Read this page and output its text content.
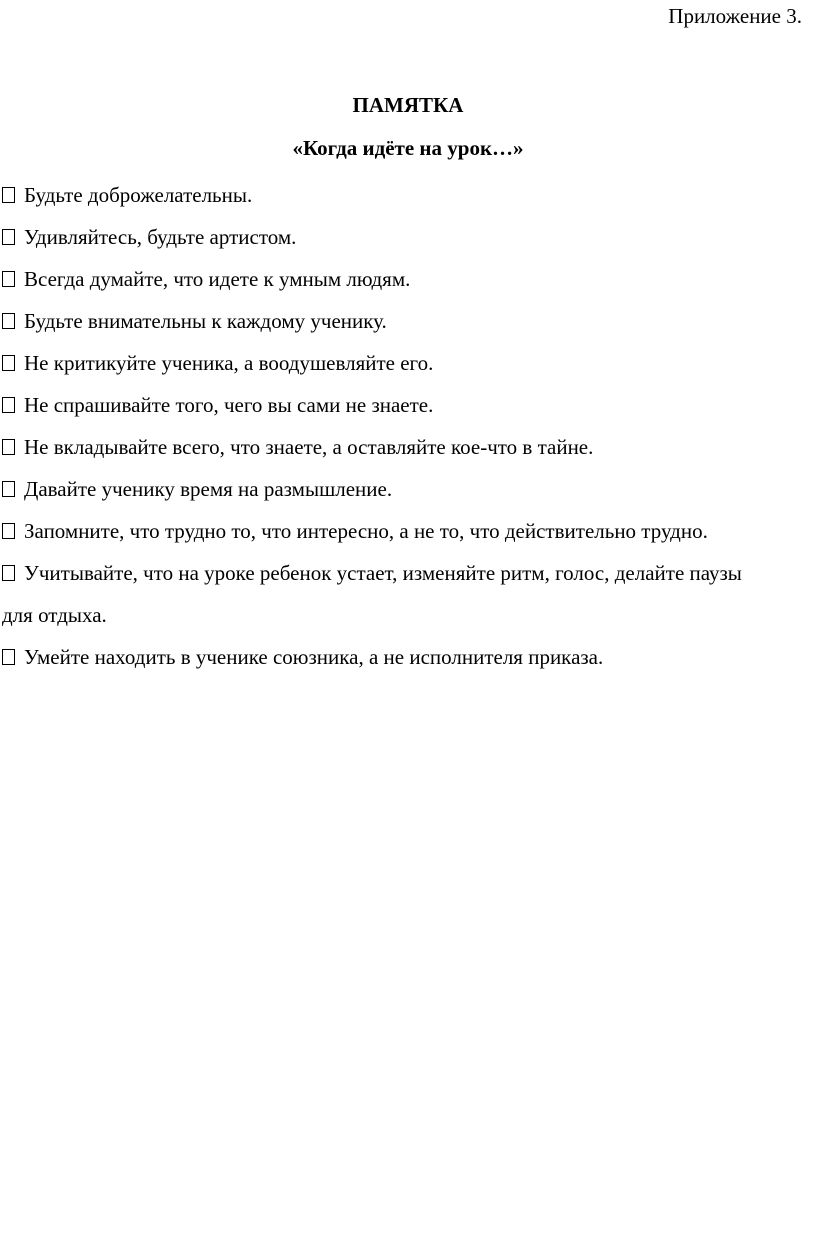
Приложение 3.
ПАМЯТКА
«Когда идёте на урок…»
Будьте доброжелательны.
Удивляйтесь, будьте артистом.
Всегда думайте, что идете к умным людям.
Будьте внимательны к каждому ученику.
Не критикуйте ученика, а воодушевляйте его.
Не спрашивайте того, чего вы сами не знаете.
Не вкладывайте всего, что знаете, а оставляйте кое-что в тайне.
Давайте ученику время на размышление.
Запомните, что трудно то, что интересно, а не то, что действительно трудно.
Учитывайте, что на уроке ребенок устает, изменяйте ритм, голос, делайте паузы для отдыха.
Умейте находить в ученике союзника, а не исполнителя приказа.
